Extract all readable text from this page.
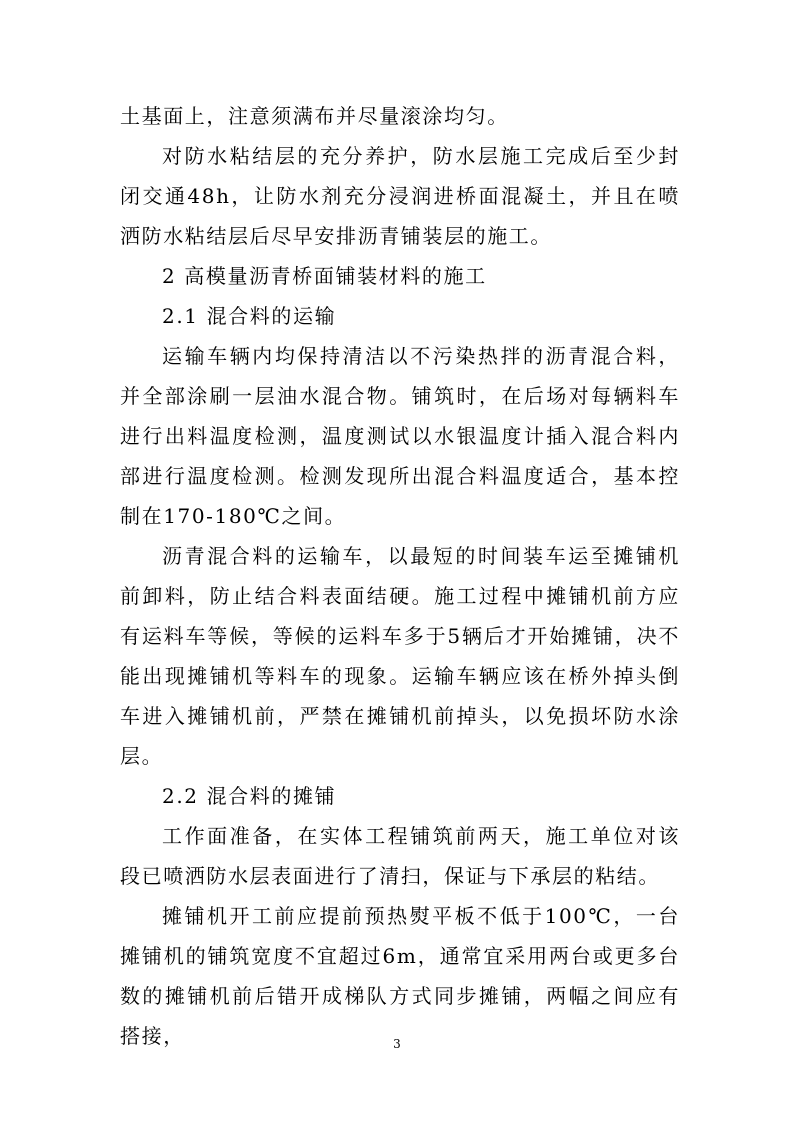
土基面上，注意须满布并尽量滚涂均匀。

对防水粘结层的充分养护，防水层施工完成后至少封闭交通48h，让防水剂充分浸润进桥面混凝土，并且在喷洒防水粘结层后尽早安排沥青铺装层的施工。

2 高模量沥青桥面铺装材料的施工

2.1 混合料的运输

运输车辆内均保持清洁以不污染热拌的沥青混合料，并全部涂刷一层油水混合物。铺筑时，在后场对每辆料车进行出料温度检测，温度测试以水银温度计插入混合料内部进行温度检测。检测发现所出混合料温度适合，基本控制在170-180℃之间。

沥青混合料的运输车，以最短的时间装车运至摊铺机前卸料，防止结合料表面结硬。施工过程中摊铺机前方应有运料车等候，等候的运料车多于5辆后才开始摊铺，决不能出现摊铺机等料车的现象。运输车辆应该在桥外掉头倒车进入摊铺机前，严禁在摊铺机前掉头，以免损坏防水涂层。

2.2 混合料的摊铺

工作面准备，在实体工程铺筑前两天，施工单位对该段已喷洒防水层表面进行了清扫，保证与下承层的粘结。

摊铺机开工前应提前预热熨平板不低于100℃，一台摊铺机的铺筑宽度不宜超过6m，通常宜采用两台或更多台数的摊铺机前后错开成梯队方式同步摊铺，两幅之间应有搭接，	3
